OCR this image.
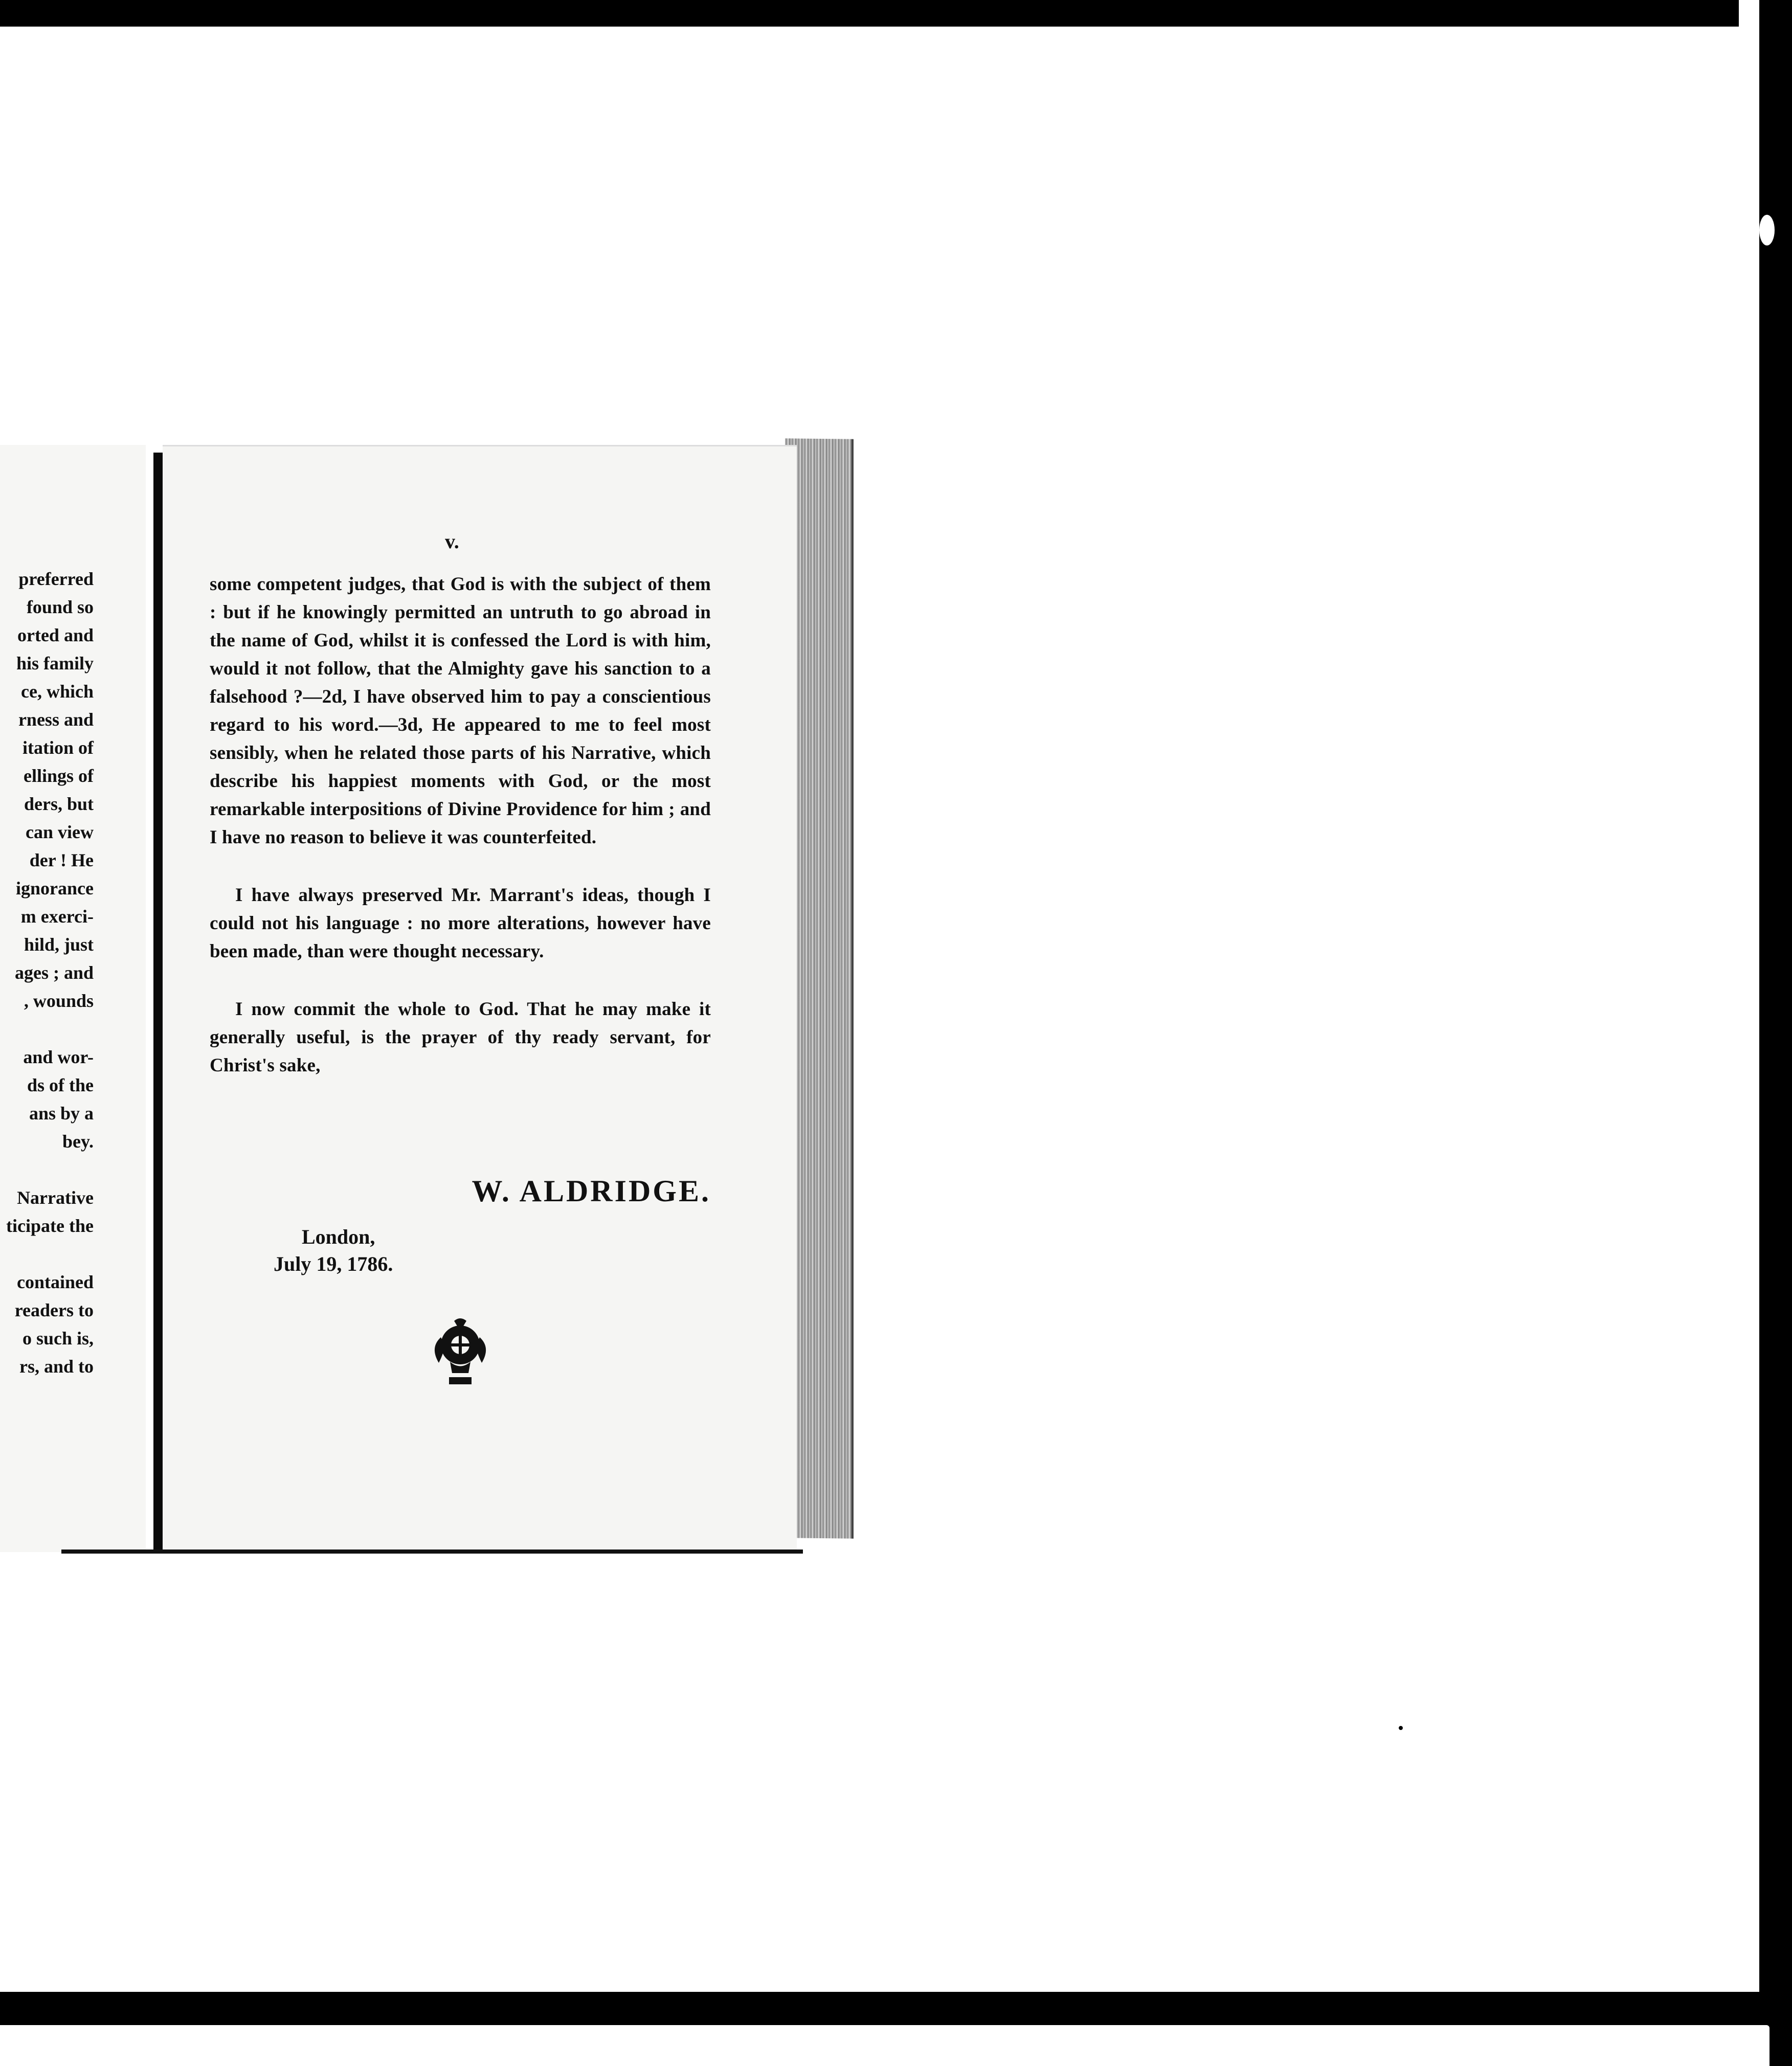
preferred
found so
orted and
his family
ce, which
rness and
itation of
ellings of
ders, but
can view
der ! He
ignorance
m exerci-
hild, just
ages ; and
, wounds
and wor-
ds of the
ans by a
bey.
Narrative
ticipate the
contained
readers to
o such is,
rs, and to
v.

some competent judges, that God is with the subject of them : but if he knowingly permitted an untruth to go abroad in the name of God, whilst it is confessed the Lord is with him, would it not follow, that the Almighty gave his sanction to a falsehood ?—2d, I have observed him to pay a conscientious regard to his word.—3d, He appeared to me to feel most sensibly, when he related those parts of his Narrative, which describe his happiest moments with God, or the most remarkable interpositions of Divine Providence for him ; and I have no reason to believe it was counterfeited.

I have always preserved Mr. Marrant's ideas, though I could not his language : no more alterations, however have been made, than were thought necessary.

I now commit the whole to God. That he may make it generally useful, is the prayer of thy ready servant, for Christ's sake,

W. ALDRIDGE.
London,
July 19, 1786.
